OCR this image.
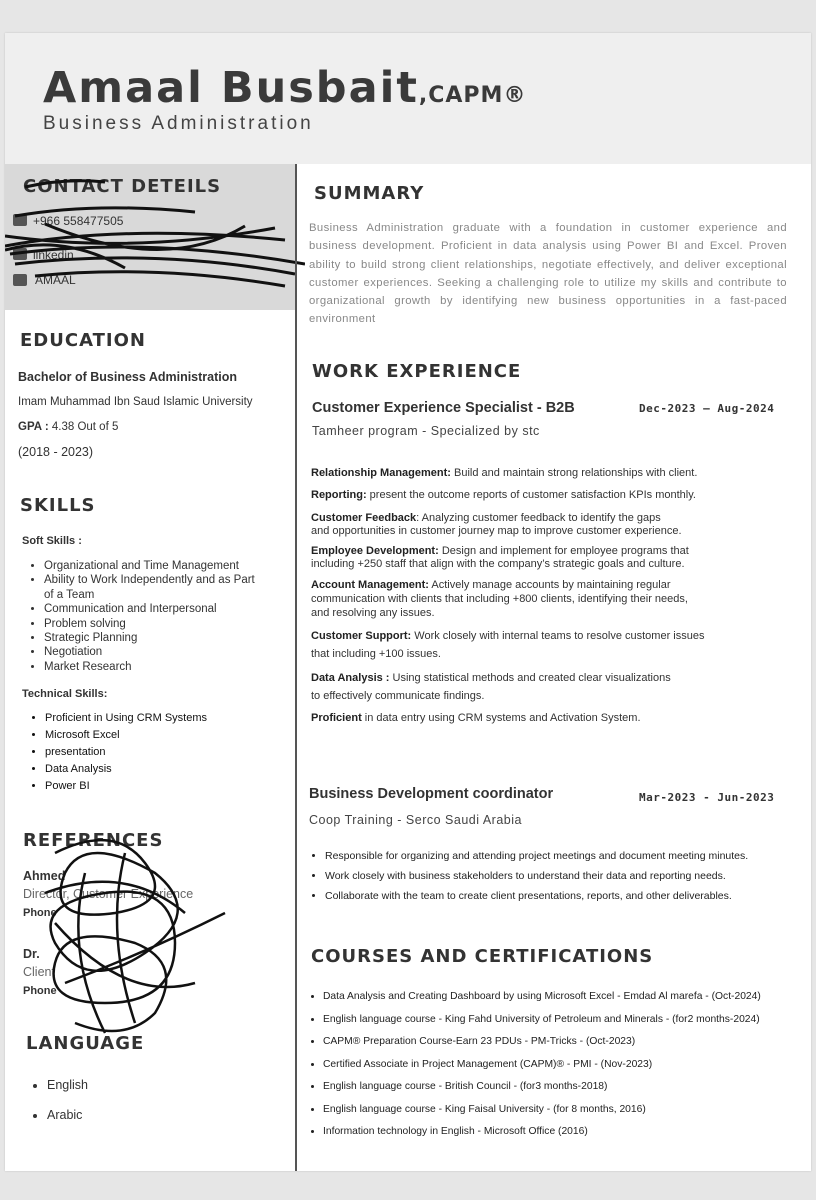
Amaal Busbait,CAPM®
Business Administration
CONTACT DETEILS
+966 5584775​05
linkedin
AMAAL
EDUCATION
Bachelor of Business Administration
Imam Muhammad Ibn Saud Islamic University
GPA : 4.38 Out of 5
(2018 - 2023)
SKILLS
Soft Skills :
• Organizational and Time Management
• Ability to Work Independently and as Part
of a Team
• Communication and Interpersonal
• Problem solving
• Strategic Planning
• Negotiation
• Market Research
Technical Skills:
• Proficient in Using CRM Systems
• Microsoft Excel
• presentation
• Data Analysis
• Power BI
REFERENCES
Ahmed
Director, Customer Experience
Phone
Dr.
Client
Phone
LANGUAGE
• English
• Arabic
SUMMARY
Business Administration graduate with a foundation in customer experience and business development. Proficient in data analysis using Power BI and Excel. Proven ability to build strong client relationships, negotiate effectively, and deliver exceptional customer experiences. Seeking a challenging role to utilize my skills and contribute to organizational growth by identifying new business opportunities in a fast-paced environment
WORK EXPERIENCE
Customer Experience Specialist - B2B	Dec-2023 – Aug-2024
Tamheer program - Specialized by stc
Relationship Management: Build and maintain strong relationships with client.
Reporting: present the outcome reports of customer satisfaction KPIs monthly.
Customer Feedback: Analyzing customer feedback to identify the gaps
and opportunities in customer journey map to improve customer experience.
Employee Development: Design and implement for employee programs that
including +250 staff that align with the company’s strategic goals and culture.
Account Management: Actively manage accounts by maintaining regular
communication with clients that including +800 clients, identifying their needs,
and resolving any issues.
Customer Support: Work closely with internal teams to resolve customer issues
that including +100 issues.
Data Analysis : Using statistical methods and created clear visualizations
to effectively communicate findings.
Proficient in data entry using CRM systems and Activation System.
Business Development coordinator	Mar-2023 - Jun-2023
Coop Training - Serco Saudi Arabia
• Responsible for organizing and attending project meetings and document meeting minutes.
• Work closely with business stakeholders to understand their data and reporting needs.
• Collaborate with the team to create client presentations, reports, and other deliverables.
COURSES AND CERTIFICATIONS
• Data Analysis and Creating Dashboard by using Microsoft Excel - Emdad Al marefa - (Oct-2024)
• English language course - King Fahd University of Petroleum and Minerals - (for2 months-2024)
• CAPM® Preparation Course-Earn 23 PDUs - PM-Tricks - (Oct-2023)
• Certified Associate in Project Management (CAPM)® - PMI - (Nov-2023)
• English language course - British Council - (for3 months-2018)
• English language course - King Faisal University - (for 8 months, 2016)
• Information technology in English - Microsoft Office (2016)
